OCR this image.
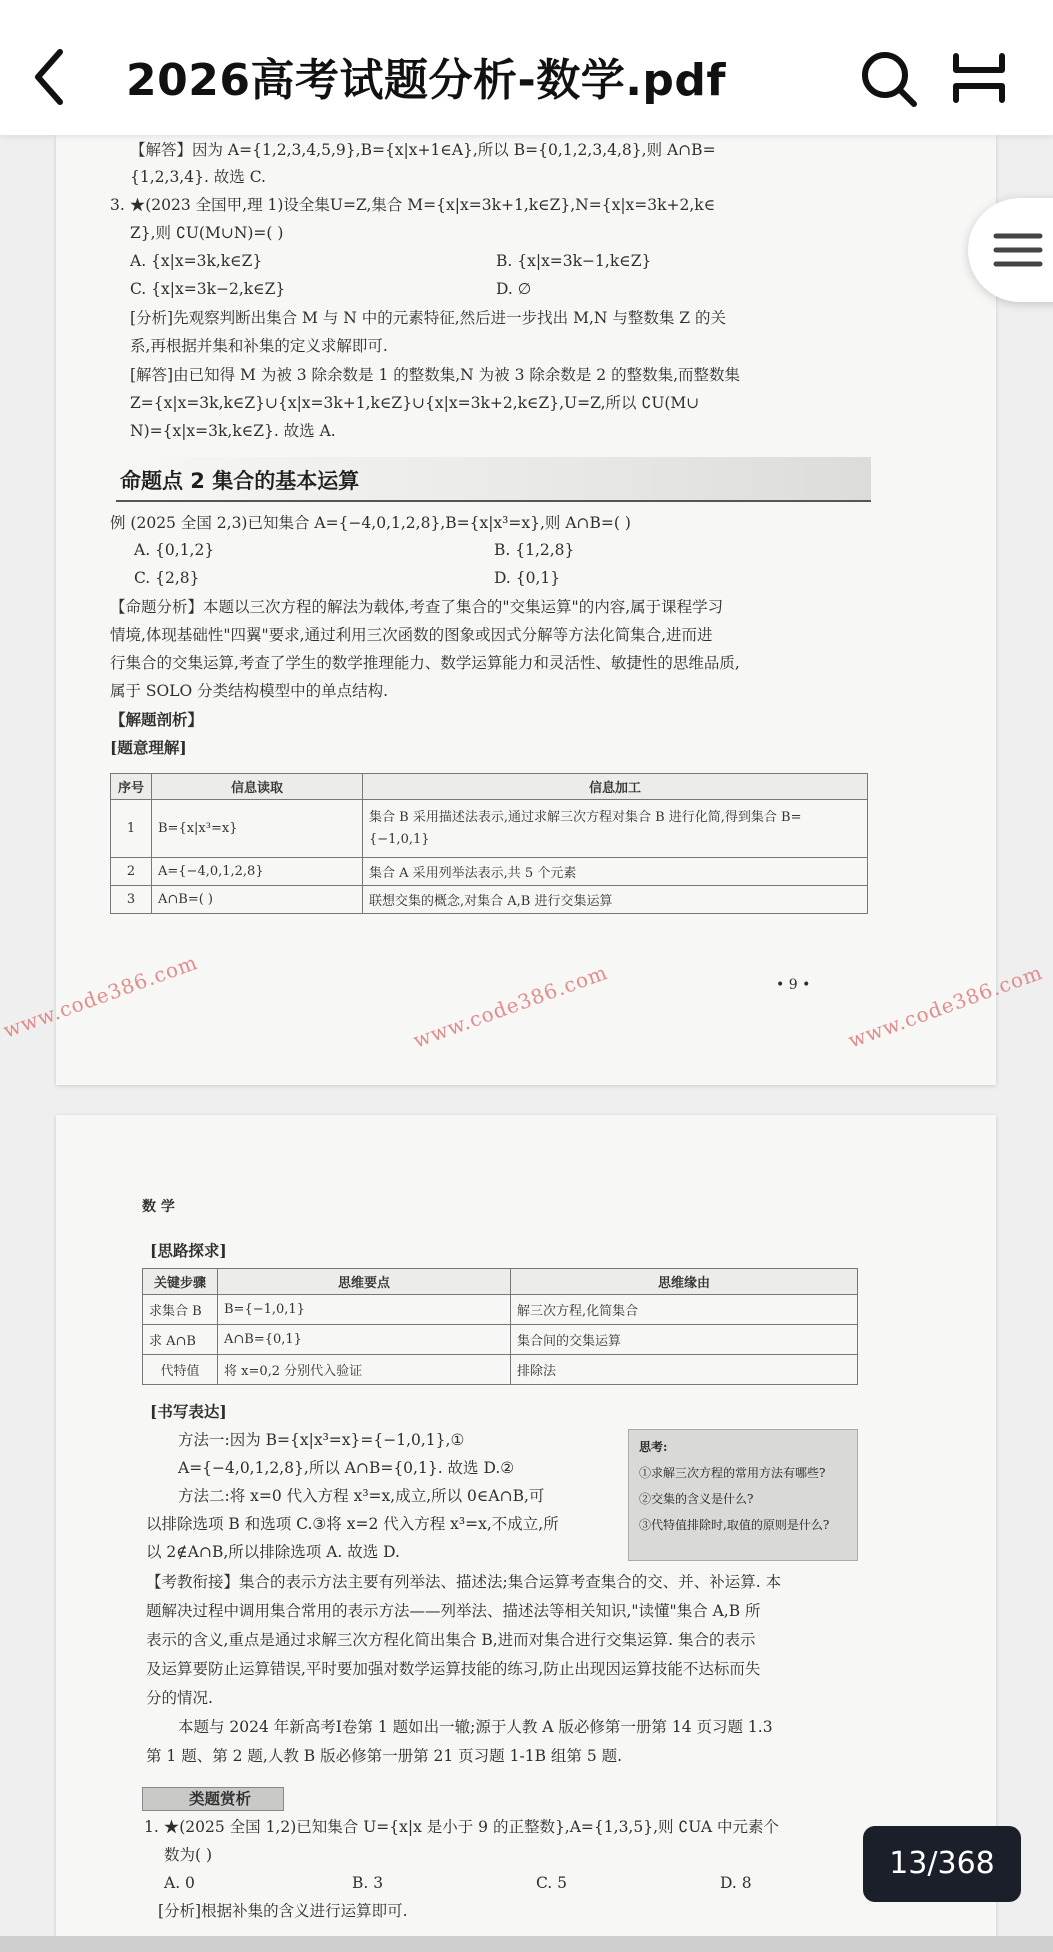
2026高考试题分析-数学.pdf
【解答】因为 A={1,2,3,4,5,9},B={x|x+1∈A},所以 B={0,1,2,3,4,8},则 A∩B=
{1,2,3,4}. 故选 C.
3. ★(2023 全国甲,理 1)设全集U=Z,集合 M={x|x=3k+1,k∈Z},N={x|x=3k+2,k∈
Z},则 ∁U(M∪N)=( )
A. {x|x=3k,k∈Z}	B. {x|x=3k−1,k∈Z}
C. {x|x=3k−2,k∈Z}	D. ∅
[分析]先观察判断出集合 M 与 N 中的元素特征,然后进一步找出 M,N 与整数集 Z 的关
系,再根据并集和补集的定义求解即可.
[解答]由已知得 M 为被 3 除余数是 1 的整数集,N 为被 3 除余数是 2 的整数集,而整数集
Z={x|x=3k,k∈Z}∪{x|x=3k+1,k∈Z}∪{x|x=3k+2,k∈Z},U=Z,所以 ∁U(M∪
N)={x|x=3k,k∈Z}. 故选 A.
命题点 2 集合的基本运算
例 (2025 全国 2,3)已知集合 A={−4,0,1,2,8},B={x|x³=x},则 A∩B=( )
A. {0,1,2}	B. {1,2,8}
C. {2,8}	D. {0,1}
【命题分析】本题以三次方程的解法为载体,考查了集合的"交集运算"的内容,属于课程学习
情境,体现基础性"四翼"要求,通过利用三次函数的图象或因式分解等方法化简集合,进而进
行集合的交集运算,考查了学生的数学推理能力、数学运算能力和灵活性、敏捷性的思维品质,
属于 SOLO 分类结构模型中的单点结构.
【解题剖析】
[题意理解]
序号	信息读取	信息加工
1	B={x|x³=x}	集合 B 采用描述法表示,通过求解三次方程对集合 B 进行化简,得到集合 B={−1,0,1}
2	A={−4,0,1,2,8}	集合 A 采用列举法表示,共 5 个元素
3	A∩B=( )	联想交集的概念,对集合 A,B 进行交集运算
• 9 •
www.code386.com	www.code386.com	www.code386.com
数 学
[思路探求]
关键步骤	思维要点	思维缘由
求集合 B	B={−1,0,1}	解三次方程,化简集合
求 A∩B	A∩B={0,1}	集合间的交集运算
代特值	将 x=0,2 分别代入验证	排除法
[书写表达]
方法一:因为 B={x|x³=x}={−1,0,1},①
A={−4,0,1,2,8},所以 A∩B={0,1}. 故选 D.②
方法二:将 x=0 代入方程 x³=x,成立,所以 0∈A∩B,可
以排除选项 B 和选项 C.③将 x=2 代入方程 x³=x,不成立,所
以 2∉A∩B,所以排除选项 A. 故选 D.
思考:
①求解三次方程的常用方法有哪些?
②交集的含义是什么?
③代特值排除时,取值的原则是什么?
【考教衔接】集合的表示方法主要有列举法、描述法;集合运算考查集合的交、并、补运算. 本
题解决过程中调用集合常用的表示方法——列举法、描述法等相关知识,"读懂"集合 A,B 所
表示的含义,重点是通过求解三次方程化简出集合 B,进而对集合进行交集运算. 集合的表示
及运算要防止运算错误,平时要加强对数学运算技能的练习,防止出现因运算技能不达标而失
分的情况.
本题与 2024 年新高考Ⅰ卷第 1 题如出一辙;源于人教 A 版必修第一册第 14 页习题 1.3
第 1 题、第 2 题,人教 B 版必修第一册第 21 页习题 1-1B 组第 5 题.
类题赏析
1. ★(2025 全国 1,2)已知集合 U={x|x 是小于 9 的正整数},A={1,3,5},则 ∁UA 中元素个
数为( )
A. 0	B. 3	C. 5	D. 8
[分析]根据补集的含义进行运算即可.
13/368
